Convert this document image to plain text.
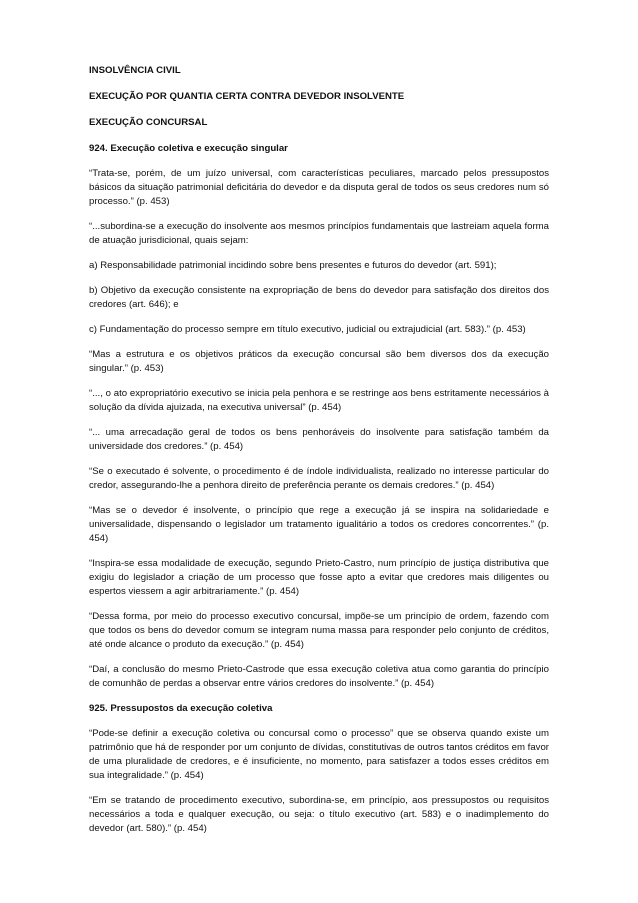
INSOLVÊNCIA CIVIL
EXECUÇÃO POR QUANTIA CERTA CONTRA DEVEDOR INSOLVENTE
EXECUÇÃO CONCURSAL
924. Execução coletiva e execução singular

“Trata-se, porém, de um juízo universal, com características peculiares, marcado pelos pressupostos básicos da situação patrimonial deficitária do devedor e da disputa geral de todos os seus credores num só processo.” (p. 453)

“...subordina-se a execução do insolvente aos mesmos princípios fundamentais que lastreiam aquela forma de atuação jurisdicional, quais sejam:

a) Responsabilidade patrimonial incidindo sobre bens presentes e futuros do devedor (art. 591);

b) Objetivo da execução consistente na expropriação de bens do devedor para satisfação dos direitos dos credores (art. 646); e

c) Fundamentação do processo sempre em título executivo, judicial ou extrajudicial (art. 583).” (p. 453)

“Mas a estrutura e os objetivos práticos da execução concursal são bem diversos dos da execução singular.” (p. 453)

“..., o ato expropriatório executivo se inicia pela penhora e se restringe aos bens estritamente necessários à solução da dívida ajuizada, na executiva universal” (p. 454)

“... uma arrecadação geral de todos os bens penhoráveis do insolvente para satisfação também da universidade dos credores.” (p. 454)

“Se o executado é solvente, o procedimento é de índole individualista, realizado no interesse particular do credor, assegurando-lhe a penhora direito de preferência perante os demais credores.” (p. 454)

“Mas se o devedor é insolvente, o princípio que rege a execução já se inspira na solidariedade e universalidade, dispensando o legislador um tratamento igualitário a todos os credores concorrentes.” (p. 454)

“Inspira-se essa modalidade de execução, segundo Prieto-Castro, num princípio de justiça distributiva que exigiu do legislador a criação de um processo que fosse apto a evitar que credores mais diligentes ou espertos viessem a agir arbitrariamente.” (p. 454)

“Dessa forma, por meio do processo executivo concursal, impõe-se um princípio de ordem, fazendo com que todos os bens do devedor comum se integram numa massa para responder pelo conjunto de créditos, até onde alcance o produto da execução.” (p. 454)

“Daí, a conclusão do mesmo Prieto-Castrode que essa execução coletiva atua como garantia do princípio de comunhão de perdas a observar entre vários credores do insolvente.” (p. 454)

925. Pressupostos da execução coletiva

“Pode-se definir a execução coletiva ou concursal como o processo” que se observa quando existe um patrimônio que há de responder por um conjunto de dívidas, constitutivas de outros tantos créditos em favor de uma pluralidade de credores, e é insuficiente, no momento, para satisfazer a todos esses créditos em sua integralidade.” (p. 454)

“Em se tratando de procedimento executivo, subordina-se, em princípio, aos pressupostos ou requisitos necessários a toda e qualquer execução, ou seja: o título executivo (art. 583) e o inadimplemento do devedor (art. 580).” (p. 454)
